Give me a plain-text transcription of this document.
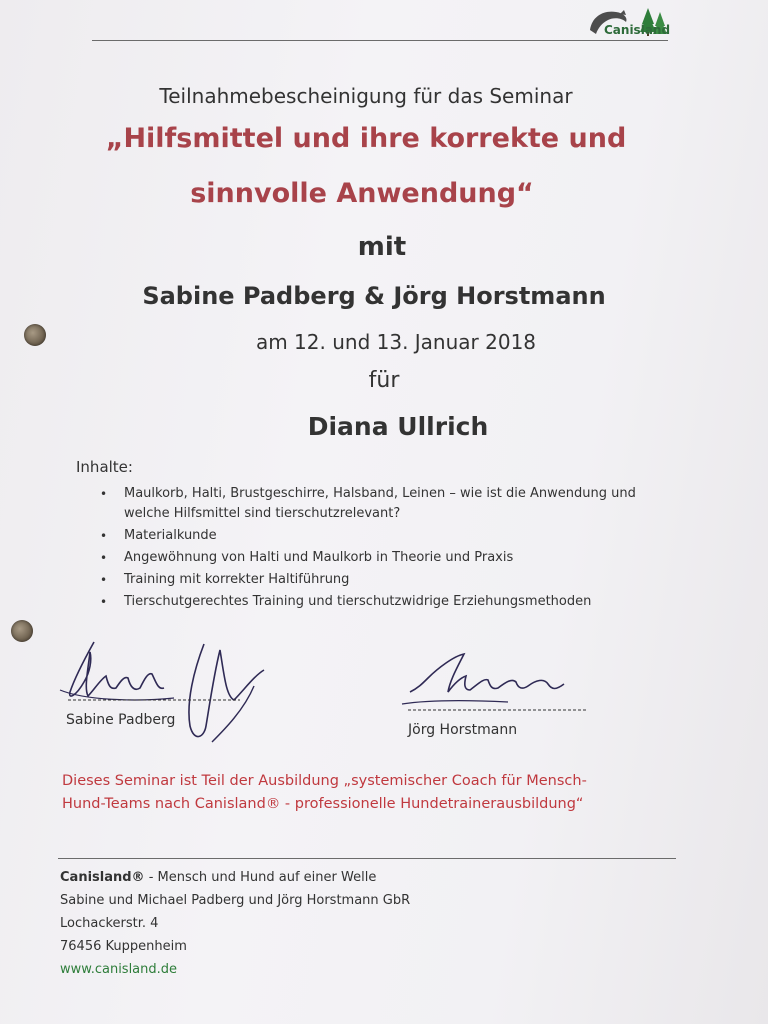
Canisland
Teilnahmebescheinigung für das Seminar
„Hilfsmittel und ihre korrekte und
sinnvolle Anwendung“
mit
Sabine Padberg & Jörg Horstmann
am 12. und 13. Januar 2018
für
Diana Ullrich
Inhalte:
• Maulkorb, Halti, Brustgeschirre, Halsband, Leinen – wie ist die Anwendung und welche Hilfsmittel sind tierschutzrelevant?
• Materialkunde
• Angewöhnung von Halti und Maulkorb in Theorie und Praxis
• Training mit korrekter Haltiführung
• Tierschutgerechtes Training und tierschutzwidrige Erziehungsmethoden
Sabine Padberg
Jörg Horstmann
Dieses Seminar ist Teil der Ausbildung „systemischer Coach für Mensch-
Hund-Teams nach Canisland® - professionelle Hundetrainerausbildung“
Canisland® - Mensch und Hund auf einer Welle
Sabine und Michael Padberg und Jörg Horstmann GbR
Lochackerstr. 4
76456 Kuppenheim
www.canisland.de
